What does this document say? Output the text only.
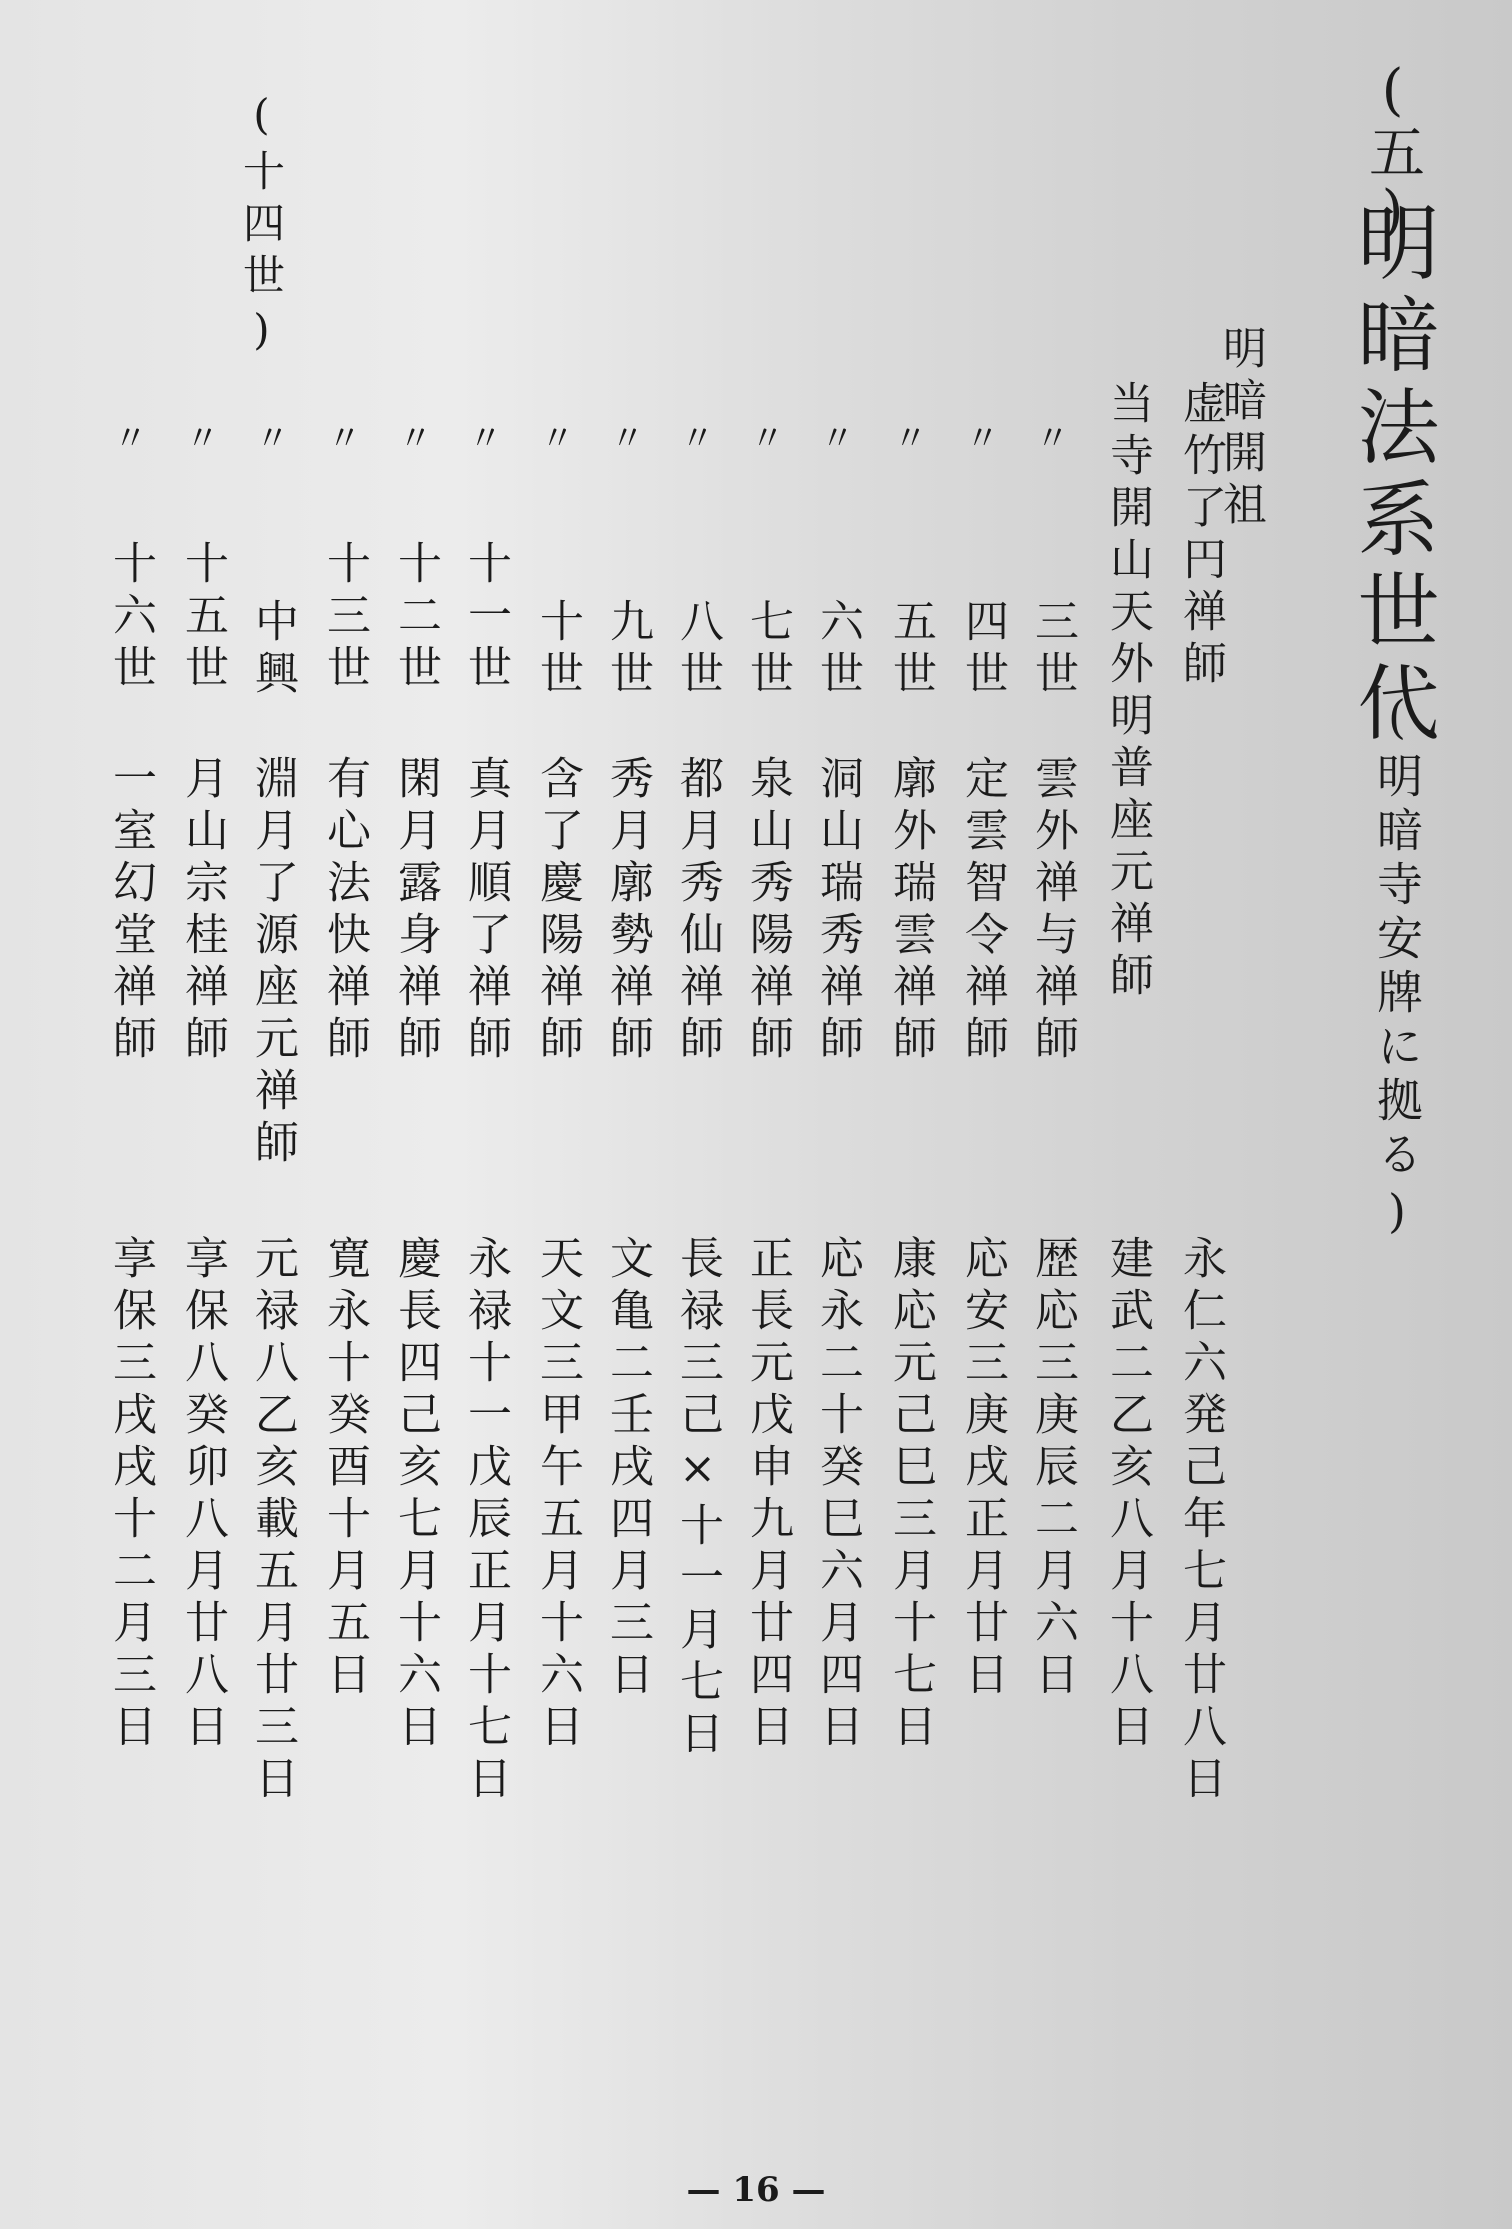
(五)
明暗法系世代
(明暗寺安牌に拠る)
(十四世)
明暗開祖
虚竹了円禅師
永仁六発己年七月廿八日
当寺開山天外明普座元禅師
建武二乙亥八月十八日
雲外禅与禅師
三世
〃
歴応三庚辰二月六日
定雲智令禅師
四世
〃
応安三庚戌正月廿日
廓外瑞雲禅師
五世
〃
康応元己巳三月十七日
洞山瑞秀禅師
六世
〃
応永二十癸巳六月四日
泉山秀陽禅師
七世
〃
正長元戊申九月廿四日
都月秀仙禅師
八世
〃
長禄三己×十一月七日
秀月廓勢禅師
九世
〃
文亀二壬戌四月三日
含了慶陽禅師
十世
〃
天文三甲午五月十六日
真月順了禅師
十一世
〃
永禄十一戊辰正月十七日
閑月露身禅師
十二世
〃
慶長四己亥七月十六日
有心法快禅師
十三世
〃
寛永十癸酉十月五日
淵月了源座元禅師
中興
〃
元禄八乙亥載五月廿三日
月山宗桂禅師
十五世
〃
享保八癸卯八月廿八日
一室幻堂禅師
十六世
〃
享保三戌戌十二月三日
— 16 —
